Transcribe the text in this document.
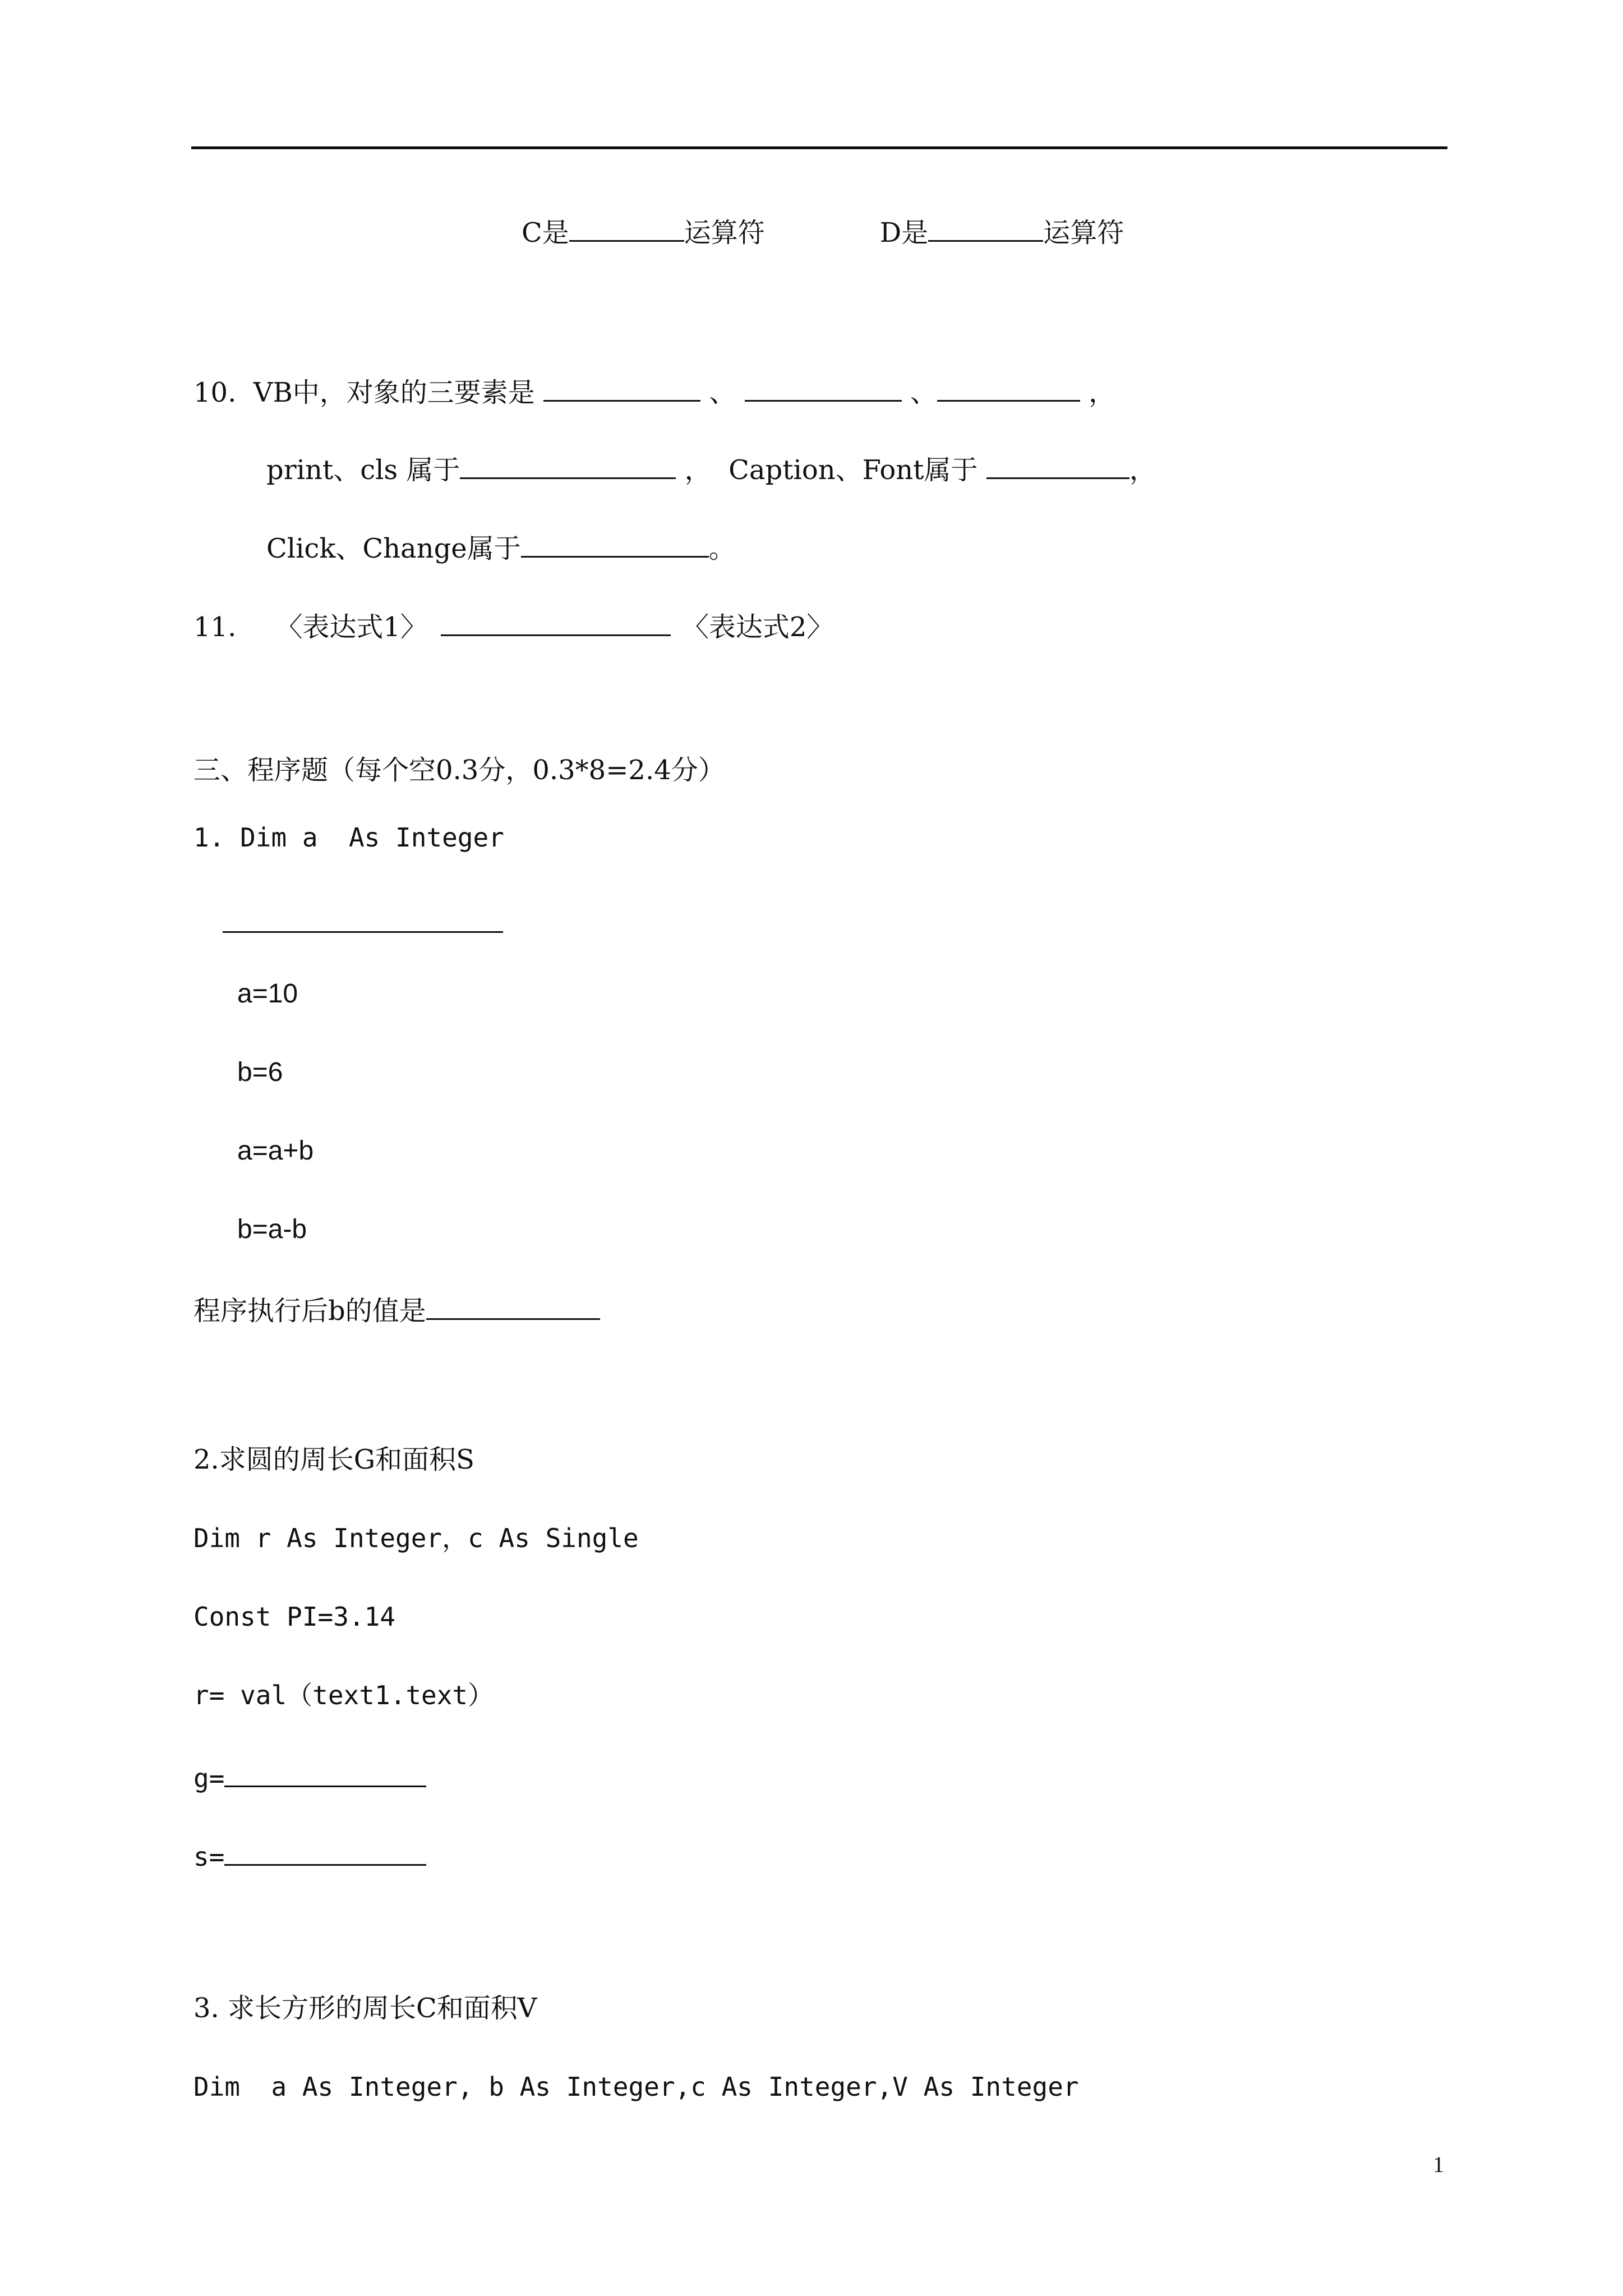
C是	运算符	D是	运算符
10.  VB中，对象的三要素是	、	、	，
print、cls 属于	，  Caption、Font属于	，
Click、Change属于	。
11. 〈表达式1〉	〈表达式2〉
三、程序题（每个空0.3分，0.3*8=2.4分）
1. Dim a  As Integer
a=10
b=6
a=a+b
b=a-b
程序执行后b的值是
2.求圆的周长G和面积S
Dim r As Integer，c As Single
Const PI=3.14
r= val（text1.text）
g=
s=
3. 求长方形的周长C和面积V
Dim  a As Integer, b As Integer,c As Integer,V As Integer
1
